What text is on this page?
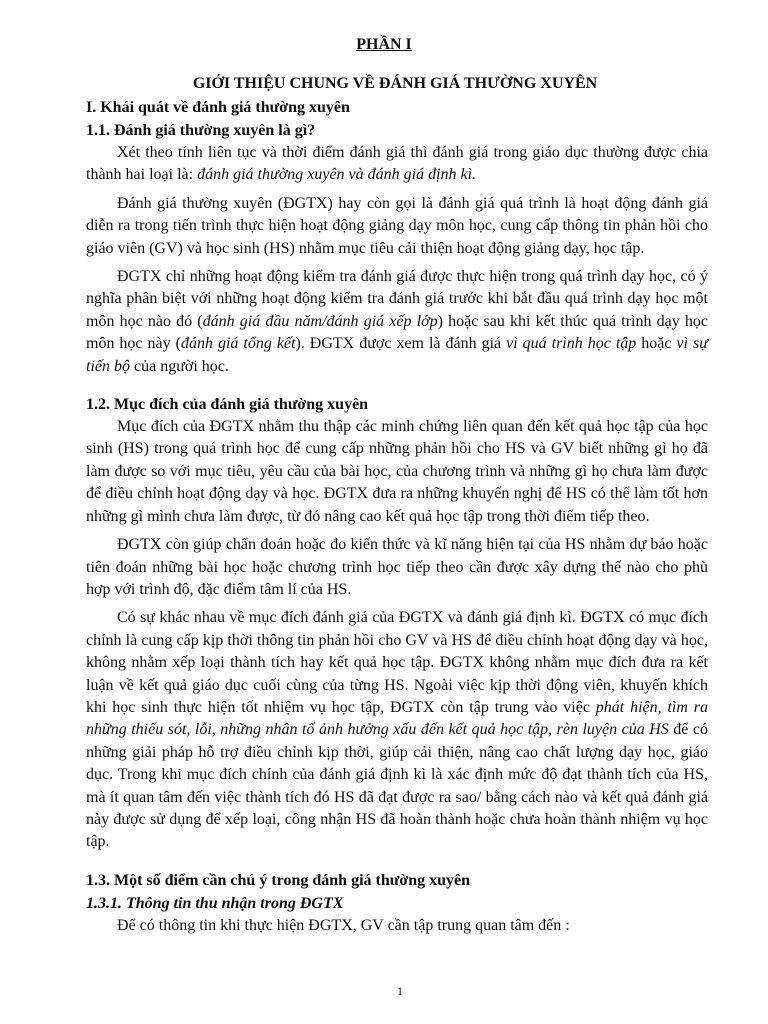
PHẦN I
GIỚI THIỆU CHUNG VỀ ĐÁNH GIÁ THƯỜNG XUYÊN
I. Khái quát về đánh giá thường xuyên
1.1. Đánh giá thường xuyên là gì?

Xét theo tính liên tục và thời điểm đánh giá thì đánh giá trong giáo dục thường được chia thành hai loại là: đánh giá thường xuyên và đánh giá định kì.

Đánh giá thường xuyên (ĐGTX) hay còn gọi là đánh giá quá trình là hoạt động đánh giá diễn ra trong tiến trình thực hiện hoạt động giảng dạy môn học, cung cấp thông tin phản hồi cho giáo viên (GV) và học sinh (HS) nhằm mục tiêu cải thiện hoạt động giảng dạy, học tập.

ĐGTX chỉ những hoạt động kiểm tra đánh giá được thực hiện trong quá trình dạy học, có ý nghĩa phân biệt với những hoạt động kiểm tra đánh giá trước khi bắt đầu quá trình dạy học một môn học nào đó (đánh giá đầu năm/đánh giá xếp lớp) hoặc sau khi kết thúc quá trình dạy học môn học này (đánh giá tổng kết). ĐGTX được xem là đánh giá vì quá trình học tập hoặc vì sự tiến bộ của người học.

1.2. Mục đích của đánh giá thường xuyên

Mục đích của ĐGTX nhằm thu thập các minh chứng liên quan đến kết quả học tập của học sinh (HS) trong quá trình học để cung cấp những phản hồi cho HS và GV biết những gì họ đã làm được so với mục tiêu, yêu cầu của bài học, của chương trình và những gì họ chưa làm được để điều chỉnh hoạt động dạy và học. ĐGTX đưa ra những khuyến nghị để HS có thể làm tốt hơn những gì mình chưa làm được, từ đó nâng cao kết quả học tập trong thời điểm tiếp theo.

ĐGTX còn giúp chẩn đoán hoặc đo kiến thức và kĩ năng hiện tại của HS nhằm dự báo hoặc tiên đoán những bài học hoặc chương trình học tiếp theo cần được xây dựng thế nào cho phù hợp với trình độ, đặc điểm tâm lí của HS.

Có sự khác nhau về mục đích đánh giá của ĐGTX và đánh giá định kì. ĐGTX có mục đích chính là cung cấp kịp thời thông tin phản hồi cho GV và HS để điều chỉnh hoạt động dạy và học, không nhằm xếp loại thành tích hay kết quả học tập. ĐGTX không nhằm mục đích đưa ra kết luận về kết quả giáo dục cuối cùng của từng HS. Ngoài việc kịp thời động viên, khuyến khích khi học sinh thực hiện tốt nhiệm vụ học tập, ĐGTX còn tập trung vào việc phát hiện, tìm ra những thiếu sót, lỗi, những nhân tố ảnh hưởng xấu đến kết quả học tập, rèn luyện của HS để có những giải pháp hỗ trợ điều chỉnh kịp thời, giúp cải thiện, nâng cao chất lượng dạy học, giáo dục. Trong khi mục đích chính của đánh giá định kì là xác định mức độ đạt thành tích của HS, mà ít quan tâm đến việc thành tích đó HS đã đạt được ra sao/ bằng cách nào và kết quả đánh giá này được sử dụng để xếp loại, công nhận HS đã hoàn thành hoặc chưa hoàn thành nhiệm vụ học tập.

1.3. Một số điểm cần chú ý trong đánh giá thường xuyên
1.3.1. Thông tin thu nhận trong ĐGTX

Để có thông tin khi thực hiện ĐGTX, GV cần tập trung quan tâm đến :

1
